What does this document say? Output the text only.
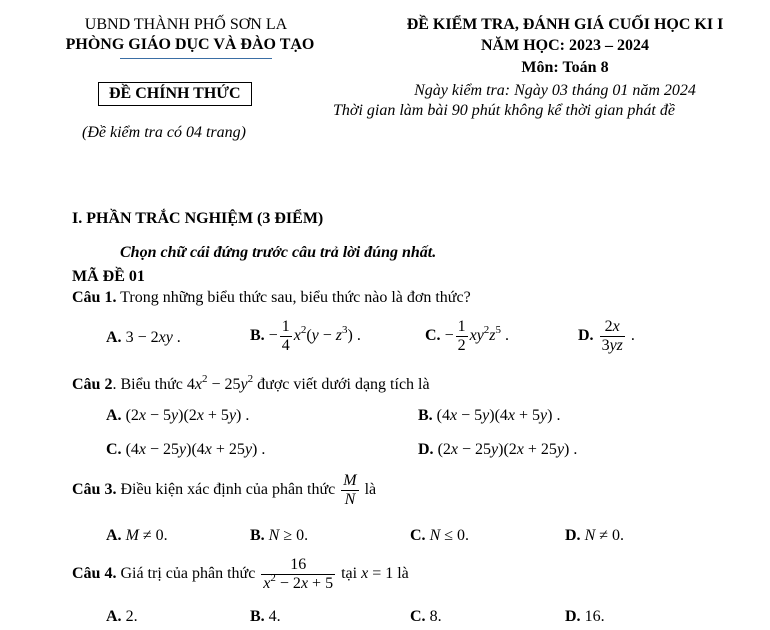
UBND THÀNH PHỐ SƠN LA
PHÒNG GIÁO DỤC VÀ ĐÀO TẠO
ĐỀ CHÍNH THỨC
(Đề kiểm tra có 04 trang)
ĐỀ KIỂM TRA, ĐÁNH GIÁ CUỐI HỌC KI I
NĂM HỌC: 2023 – 2024
Môn: Toán 8
Ngày kiểm tra: Ngày 03 tháng 01 năm 2024
Thời gian làm bài 90 phút không kể thời gian phát đề
I. PHẦN TRẮC NGHIỆM (3 ĐIỂM)
Chọn chữ cái đứng trước câu trả lời đúng nhất.
MÃ ĐỀ 01
Câu 1. Trong những biểu thức sau, biểu thức nào là đơn thức?
A. 3 − 2xy .	B. − $\frac{1}{4} x^2(y - z^3)$ .	C. − $\frac{1}{2} xy^2z^5$ .	D. $\frac{2x}{3yz}$ .
Câu 2. Biểu thức $4x^2 - 25y^2$ được viết dưới dạng tích là
A. (2x − 5y)(2x + 5y) .	B. (4x − 5y)(4x + 5y) .
C. (4x − 25y)(4x + 25y) .	D. (2x − 25y)(2x + 25y) .
Câu 3. Điều kiện xác định của phân thức $\frac{M}{N}$ là
A. M ≠ 0.	B. N ≥ 0.	C. N ≤ 0.	D. N ≠ 0.
Câu 4. Giá trị của phân thức $\frac{16}{x^2 - 2x + 5}$ tại x = 1 là
A. 2.	B. 4.	C. 8.	D. 16.
